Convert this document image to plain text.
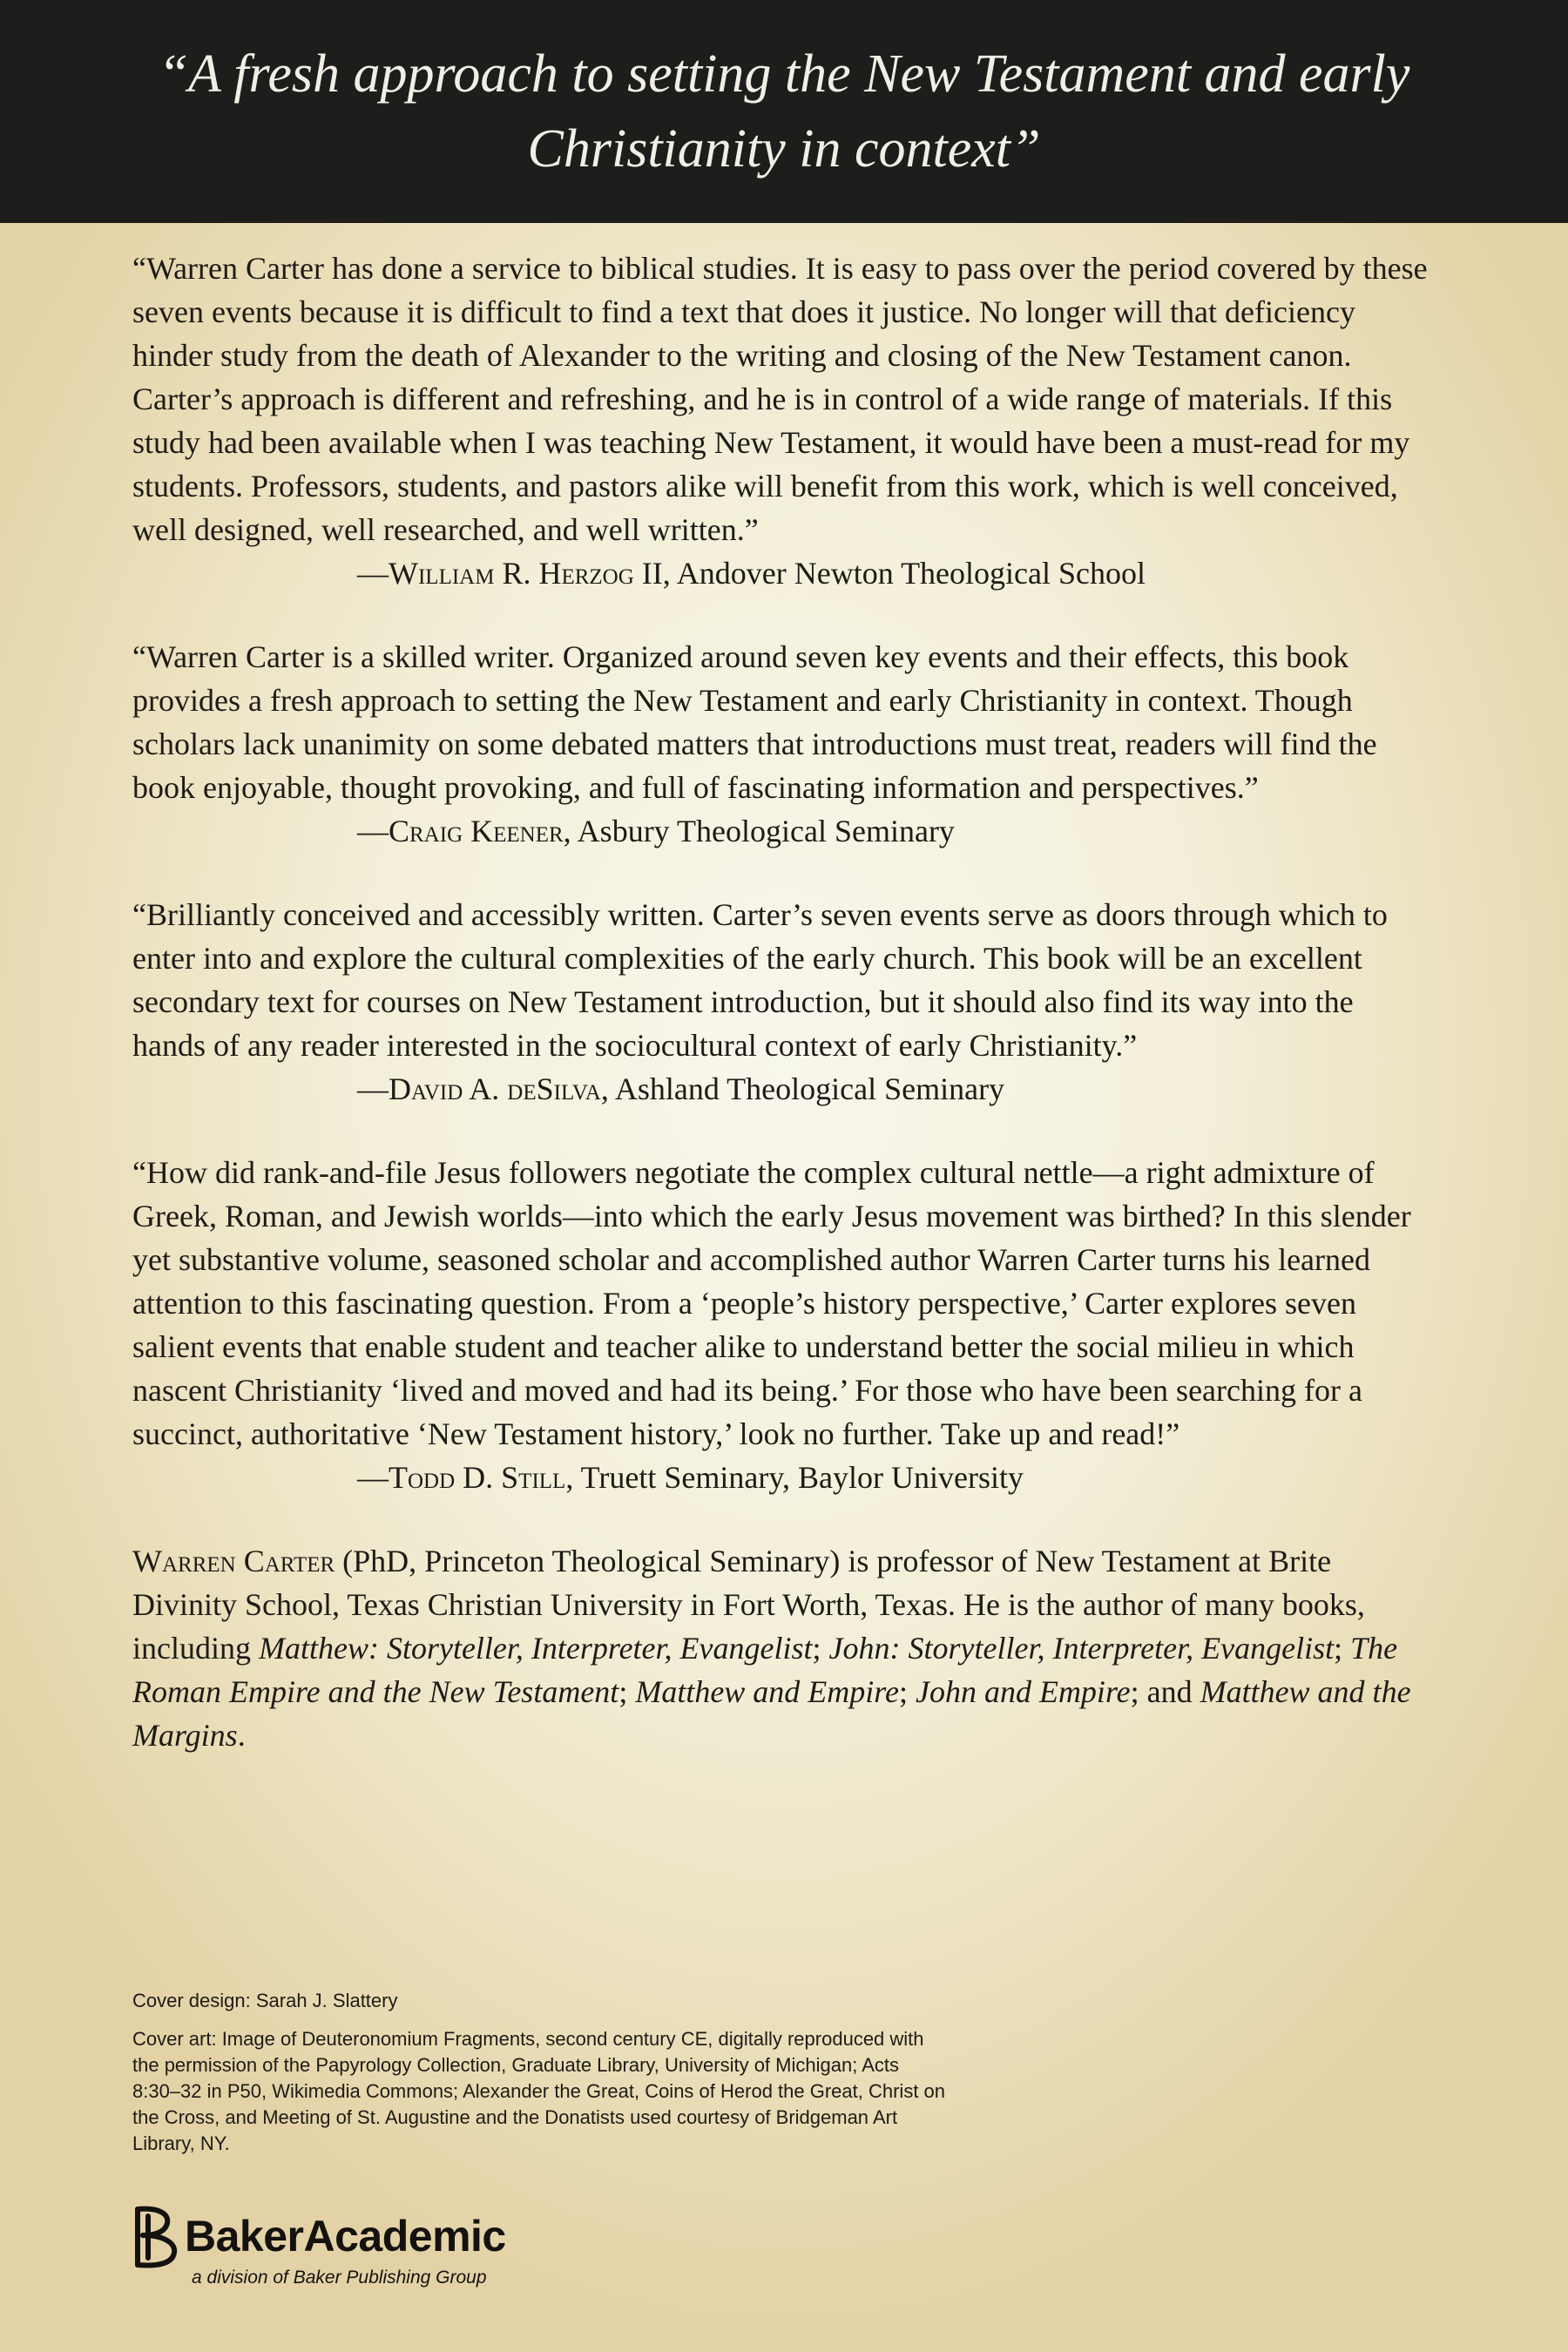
“A fresh approach to setting the New Testament and early Christianity in context”

“Warren Carter has done a service to biblical studies. It is easy to pass over the period covered by these seven events because it is difficult to find a text that does it justice. No longer will that deficiency hinder study from the death of Alexander to the writing and closing of the New Testament canon. Carter’s approach is different and refreshing, and he is in control of a wide range of materials. If this study had been available when I was teaching New Testament, it would have been a must-read for my students. Professors, students, and pastors alike will benefit from this work, which is well conceived, well designed, well researched, and well written.”

—William R. Herzog II, Andover Newton Theological School

“Warren Carter is a skilled writer. Organized around seven key events and their effects, this book provides a fresh approach to setting the New Testament and early Christianity in context. Though scholars lack unanimity on some debated matters that introductions must treat, readers will find the book enjoyable, thought provoking, and full of fascinating information and perspectives.”

—Craig Keener, Asbury Theological Seminary

“Brilliantly conceived and accessibly written. Carter’s seven events serve as doors through which to enter into and explore the cultural complexities of the early church. This book will be an excellent secondary text for courses on New Testament introduction, but it should also find its way into the hands of any reader interested in the sociocultural context of early Christianity.”

—David A. deSilva, Ashland Theological Seminary

“How did rank-and-file Jesus followers negotiate the complex cultural nettle—a right admixture of Greek, Roman, and Jewish worlds—into which the early Jesus movement was birthed? In this slender yet substantive volume, seasoned scholar and accomplished author Warren Carter turns his learned attention to this fascinating question. From a ‘people’s history perspective,’ Carter explores seven salient events that enable student and teacher alike to understand better the social milieu in which nascent Christianity ‘lived and moved and had its being.’ For those who have been searching for a succinct, authoritative ‘New Testament history,’ look no further. Take up and read!”

—Todd D. Still, Truett Seminary, Baylor University

Warren Carter (PhD, Princeton Theological Seminary) is professor of New Testament at Brite Divinity School, Texas Christian University in Fort Worth, Texas. He is the author of many books, including Matthew: Storyteller, Interpreter, Evangelist; John: Storyteller, Interpreter, Evangelist; The Roman Empire and the New Testament; Matthew and Empire; John and Empire; and Matthew and the Margins.

Cover design: Sarah J. Slattery

Cover art: Image of Deuteronomium Fragments, second century CE, digitally reproduced with the permission of the Papyrology Collection, Graduate Library, University of Michigan; Acts 8:30–32 in P50, Wikimedia Commons; Alexander the Great, Coins of Herod the Great, Christ on the Cross, and Meeting of St. Augustine and the Donatists used courtesy of Bridgeman Art Library, NY.

BakerAcademic

a division of Baker Publishing Group
